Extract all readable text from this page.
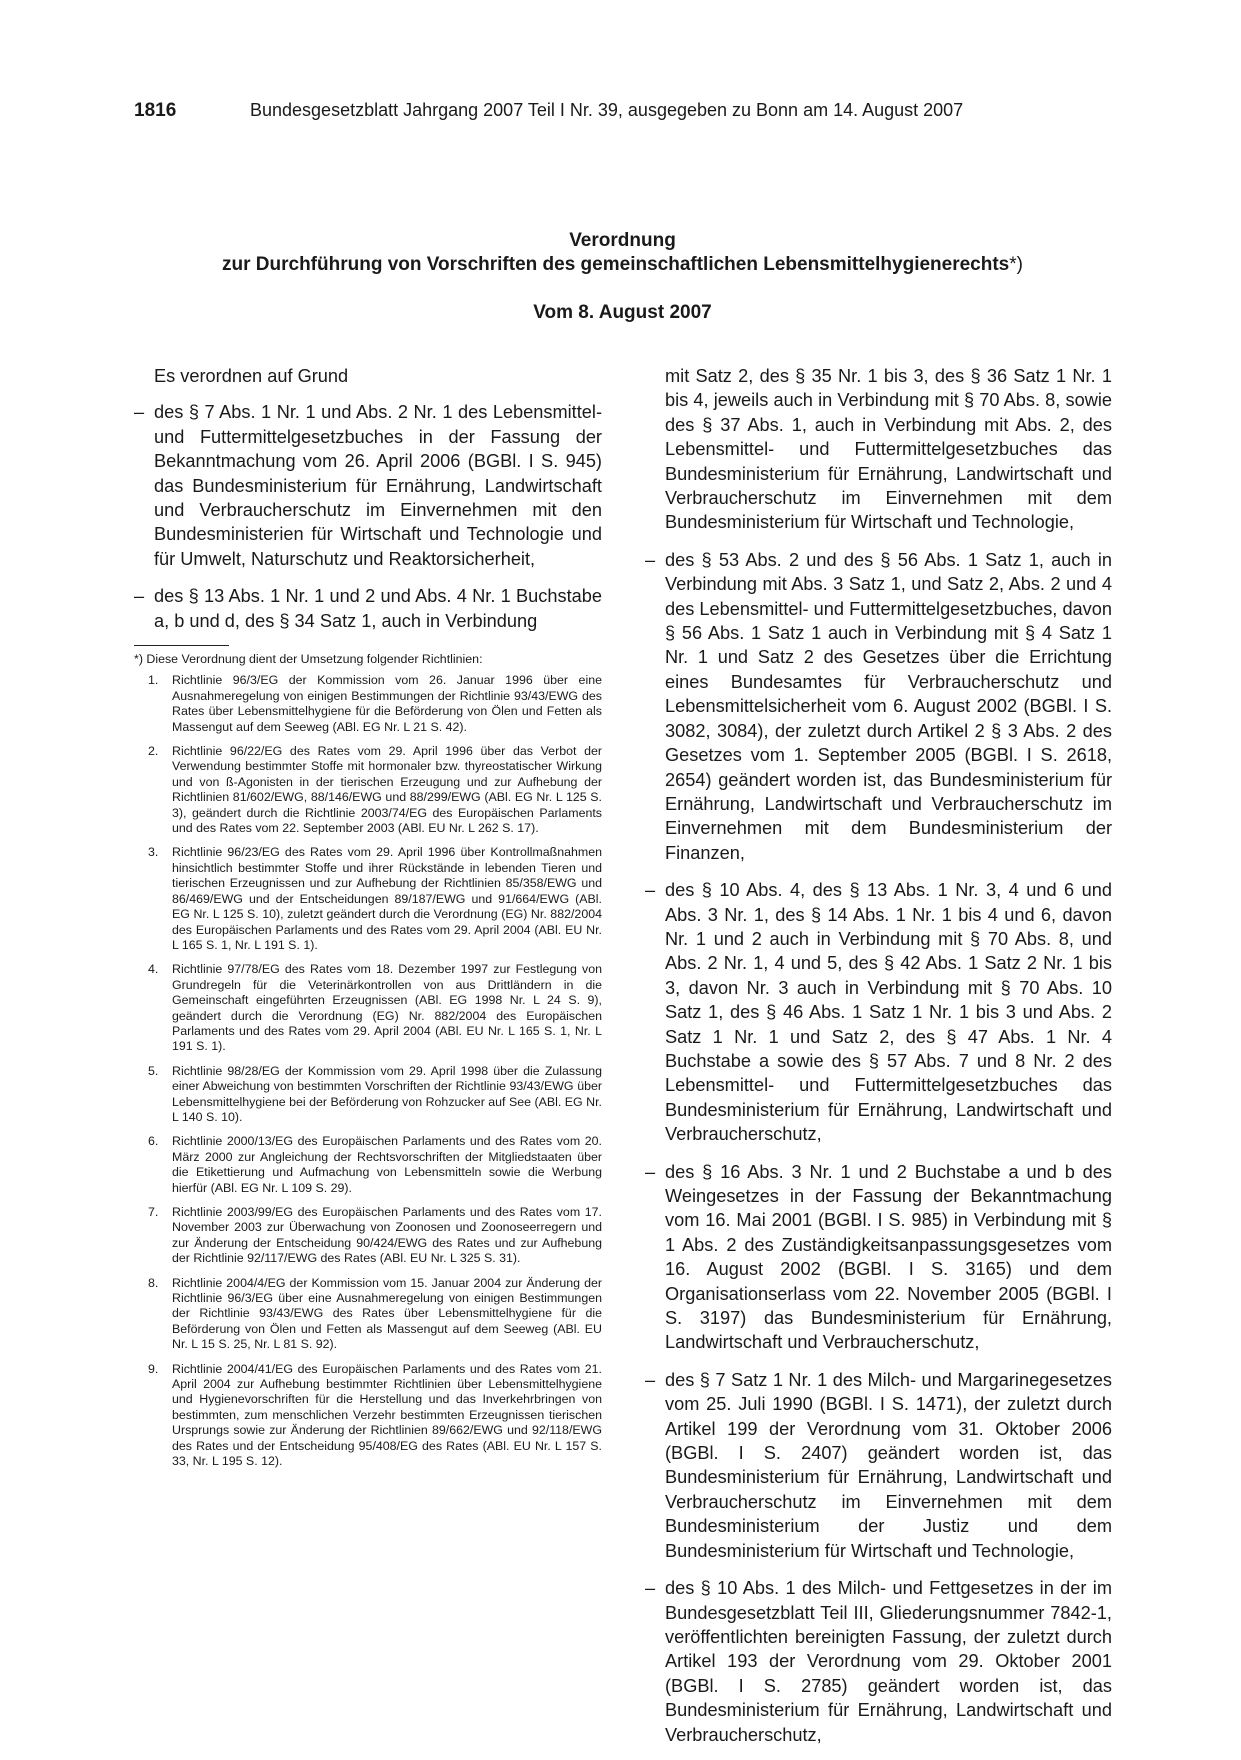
1816	Bundesgesetzblatt Jahrgang 2007 Teil I Nr. 39, ausgegeben zu Bonn am 14. August 2007
Verordnung
zur Durchführung von Vorschriften des gemeinschaftlichen Lebensmittelhygienerechts*)
Vom 8. August 2007

Es verordnen auf Grund

– des § 7 Abs. 1 Nr. 1 und Abs. 2 Nr. 1 des Lebensmittel- und Futtermittelgesetzbuches in der Fassung der Bekanntmachung vom 26. April 2006 (BGBl. I S. 945) das Bundesministerium für Ernährung, Landwirtschaft und Verbraucherschutz im Einvernehmen mit den Bundesministerien für Wirtschaft und Technologie und für Umwelt, Naturschutz und Reaktorsicherheit,
– des § 13 Abs. 1 Nr. 1 und 2 und Abs. 4 Nr. 1 Buchstabe a, b und d, des § 34 Satz 1, auch in Verbindung

*) Diese Verordnung dient der Umsetzung folgender Richtlinien:

1. Richtlinie 96/3/EG der Kommission vom 26. Januar 1996 über eine Ausnahmeregelung von einigen Bestimmungen der Richtlinie 93/43/EWG des Rates über Lebensmittelhygiene für die Beförderung von Ölen und Fetten als Massengut auf dem Seeweg (ABl. EG Nr. L 21 S. 42).
2. Richtlinie 96/22/EG des Rates vom 29. April 1996 über das Verbot der Verwendung bestimmter Stoffe mit hormonaler bzw. thyreostatischer Wirkung und von ß-Agonisten in der tierischen Erzeugung und zur Aufhebung der Richtlinien 81/602/EWG, 88/146/EWG und 88/299/EWG (ABl. EG Nr. L 125 S. 3), geändert durch die Richtlinie 2003/74/EG des Europäischen Parlaments und des Rates vom 22. September 2003 (ABl. EU Nr. L 262 S. 17).
3. Richtlinie 96/23/EG des Rates vom 29. April 1996 über Kontrollmaßnahmen hinsichtlich bestimmter Stoffe und ihrer Rückstände in lebenden Tieren und tierischen Erzeugnissen und zur Aufhebung der Richtlinien 85/358/EWG und 86/469/EWG und der Entscheidungen 89/187/EWG und 91/664/EWG (ABl. EG Nr. L 125 S. 10), zuletzt geändert durch die Verordnung (EG) Nr. 882/2004 des Europäischen Parlaments und des Rates vom 29. April 2004 (ABl. EU Nr. L 165 S. 1, Nr. L 191 S. 1).
4. Richtlinie 97/78/EG des Rates vom 18. Dezember 1997 zur Festlegung von Grundregeln für die Veterinärkontrollen von aus Drittländern in die Gemeinschaft eingeführten Erzeugnissen (ABl. EG 1998 Nr. L 24 S. 9), geändert durch die Verordnung (EG) Nr. 882/2004 des Europäischen Parlaments und des Rates vom 29. April 2004 (ABl. EU Nr. L 165 S. 1, Nr. L 191 S. 1).
5. Richtlinie 98/28/EG der Kommission vom 29. April 1998 über die Zulassung einer Abweichung von bestimmten Vorschriften der Richtlinie 93/43/EWG über Lebensmittelhygiene bei der Beförderung von Rohzucker auf See (ABl. EG Nr. L 140 S. 10).
6. Richtlinie 2000/13/EG des Europäischen Parlaments und des Rates vom 20. März 2000 zur Angleichung der Rechtsvorschriften der Mitgliedstaaten über die Etikettierung und Aufmachung von Lebensmitteln sowie die Werbung hierfür (ABl. EG Nr. L 109 S. 29).
7. Richtlinie 2003/99/EG des Europäischen Parlaments und des Rates vom 17. November 2003 zur Überwachung von Zoonosen und Zoonoseerregern und zur Änderung der Entscheidung 90/424/EWG des Rates und zur Aufhebung der Richtlinie 92/117/EWG des Rates (ABl. EU Nr. L 325 S. 31).
8. Richtlinie 2004/4/EG der Kommission vom 15. Januar 2004 zur Änderung der Richtlinie 96/3/EG über eine Ausnahmeregelung von einigen Bestimmungen der Richtlinie 93/43/EWG des Rates über Lebensmittelhygiene für die Beförderung von Ölen und Fetten als Massengut auf dem Seeweg (ABl. EU Nr. L 15 S. 25, Nr. L 81 S. 92).
9. Richtlinie 2004/41/EG des Europäischen Parlaments und des Rates vom 21. April 2004 zur Aufhebung bestimmter Richtlinien über Lebensmittelhygiene und Hygienevorschriften für die Herstellung und das Inverkehrbringen von bestimmten, zum menschlichen Verzehr bestimmten Erzeugnissen tierischen Ursprungs sowie zur Änderung der Richtlinien 89/662/EWG und 92/118/EWG des Rates und der Entscheidung 95/408/EG des Rates (ABl. EU Nr. L 157 S. 33, Nr. L 195 S. 12).

mit Satz 2, des § 35 Nr. 1 bis 3, des § 36 Satz 1 Nr. 1 bis 4, jeweils auch in Verbindung mit § 70 Abs. 8, sowie des § 37 Abs. 1, auch in Verbindung mit Abs. 2, des Lebensmittel- und Futtermittelgesetzbuches das Bundesministerium für Ernährung, Landwirtschaft und Verbraucherschutz im Einvernehmen mit dem Bundesministerium für Wirtschaft und Technologie,

– des § 53 Abs. 2 und des § 56 Abs. 1 Satz 1, auch in Verbindung mit Abs. 3 Satz 1, und Satz 2, Abs. 2 und 4 des Lebensmittel- und Futtermittelgesetzbuches, davon § 56 Abs. 1 Satz 1 auch in Verbindung mit § 4 Satz 1 Nr. 1 und Satz 2 des Gesetzes über die Errichtung eines Bundesamtes für Verbraucherschutz und Lebensmittelsicherheit vom 6. August 2002 (BGBl. I S. 3082, 3084), der zuletzt durch Artikel 2 § 3 Abs. 2 des Gesetzes vom 1. September 2005 (BGBl. I S. 2618, 2654) geändert worden ist, das Bundesministerium für Ernährung, Landwirtschaft und Verbraucherschutz im Einvernehmen mit dem Bundesministerium der Finanzen,
– des § 10 Abs. 4, des § 13 Abs. 1 Nr. 3, 4 und 6 und Abs. 3 Nr. 1, des § 14 Abs. 1 Nr. 1 bis 4 und 6, davon Nr. 1 und 2 auch in Verbindung mit § 70 Abs. 8, und Abs. 2 Nr. 1, 4 und 5, des § 42 Abs. 1 Satz 2 Nr. 1 bis 3, davon Nr. 3 auch in Verbindung mit § 70 Abs. 10 Satz 1, des § 46 Abs. 1 Satz 1 Nr. 1 bis 3 und Abs. 2 Satz 1 Nr. 1 und Satz 2, des § 47 Abs. 1 Nr. 4 Buchstabe a sowie des § 57 Abs. 7 und 8 Nr. 2 des Lebensmittel- und Futtermittelgesetzbuches das Bundesministerium für Ernährung, Landwirtschaft und Verbraucherschutz,
– des § 16 Abs. 3 Nr. 1 und 2 Buchstabe a und b des Weingesetzes in der Fassung der Bekanntmachung vom 16. Mai 2001 (BGBl. I S. 985) in Verbindung mit § 1 Abs. 2 des Zuständigkeitsanpassungsgesetzes vom 16. August 2002 (BGBl. I S. 3165) und dem Organisationserlass vom 22. November 2005 (BGBl. I S. 3197) das Bundesministerium für Ernährung, Landwirtschaft und Verbraucherschutz,
– des § 7 Satz 1 Nr. 1 des Milch- und Margarinegesetzes vom 25. Juli 1990 (BGBl. I S. 1471), der zuletzt durch Artikel 199 der Verordnung vom 31. Oktober 2006 (BGBl. I S. 2407) geändert worden ist, das Bundesministerium für Ernährung, Landwirtschaft und Verbraucherschutz im Einvernehmen mit dem Bundesministerium der Justiz und dem Bundesministerium für Wirtschaft und Technologie,
– des § 10 Abs. 1 des Milch- und Fettgesetzes in der im Bundesgesetzblatt Teil III, Gliederungsnummer 7842-1, veröffentlichten bereinigten Fassung, der zuletzt durch Artikel 193 der Verordnung vom 29. Oktober 2001 (BGBl. I S. 2785) geändert worden ist, das Bundesministerium für Ernährung, Landwirtschaft und Verbraucherschutz,
